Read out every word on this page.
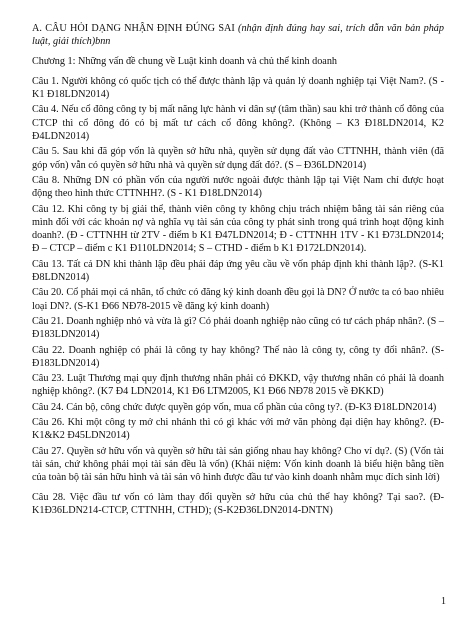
A. CÂU HỎI DẠNG NHẬN ĐỊNH ĐÚNG SAI (nhận định đúng hay sai, trích dẫn văn bản pháp luật, giải thích)bnn

Chương 1: Những vấn đề chung về Luật kinh doanh và chủ thể kinh doanh

Câu 1. Người không có quốc tịch có thể được thành lập và quản lý doanh nghiệp tại Việt Nam?. (S - K1 Đ18LDN2014)

Câu 4. Nếu cổ đông công ty bị mất năng lực hành vi dân sự (tâm thần) sau khi trở thành cổ đông của CTCP thì cổ đông đó có bị mất tư cách cổ đông không?. (Không – K3 Đ18LDN2014, K2 Đ4LDN2014)

Câu 5. Sau khi đã góp vốn là quyền sở hữu nhà, quyền sử dụng đất vào CTTNHH, thành viên (đã góp vốn) vẫn có quyền sở hữu nhà và quyền sử dụng đất đó?. (S – Đ36LDN2014)

Câu 8. Những DN có phần vốn của người nước ngoài được thành lập tại Việt Nam chỉ được hoạt động theo hình thức CTTNHH?. (S - K1 Đ18LDN2014)

Câu 12. Khi công ty bị giải thể, thành viên công ty không chịu trách nhiệm bằng tài sản riêng của mình đối với các khoản nợ và nghĩa vụ tài sản của công ty phát sinh trong quá trình hoạt động kinh doanh?. (Đ - CTTNHH từ 2TV - điểm b K1 Đ47LDN2014; Đ - CTTNHH 1TV - K1 Đ73LDN2014; Đ – CTCP – điểm c K1 Đ110LDN2014; S – CTHD - điểm b K1 Đ172LDN2014).

Câu 13. Tất cả DN khi thành lập đều phải đáp ứng yêu cầu về vốn pháp định khi thành lập?. (S-K1 Đ8LDN2014)

Câu 20. Cổ phải mọi cá nhân, tổ chức có đăng ký kinh doanh đều gọi là DN? Ở nước ta có bao nhiêu loại DN?. (S-K1 Đ66 NĐ78-2015 về đăng ký kinh doanh)

Câu 21. Doanh nghiệp nhỏ và vừa là gì? Có phải doanh nghiệp nào cũng có tư cách pháp nhân?. (S – Đ183LDN2014)

Câu 22. Doanh nghiệp có phải là công ty hay không? Thế nào là công ty, công ty đối nhân?. (S-Đ183LDN2014)

Câu 23. Luật Thương mại quy định thương nhân phải có ĐKKD, vậy thương nhân có phải là doanh nghiệp không?. (K7 Đ4 LDN2014, K1 Đ6 LTM2005, K1 Đ66 NĐ78 2015 về ĐKKD)

Câu 24. Cán bộ, công chức được quyền góp vốn, mua cổ phần của công ty?. (Đ-K3 Đ18LDN2014)

Câu 26. Khi một công ty mở chi nhánh thì có gì khác với mở văn phòng đại diện hay không?. (Đ-K1&K2 Đ45LDN2014)

Câu 27. Quyền sở hữu vốn và quyền sở hữu tài sản giống nhau hay không? Cho ví dụ?. (S) (Vốn tài tài sản, chứ không phải mọi tài sản đều là vốn) (Khái niệm: Vốn kinh doanh là biểu hiện bằng tiền của toàn bộ tài sản hữu hình và tài sản vô hình được đầu tư vào kinh doanh nhằm mục đích sinh lời)

Câu 28. Việc đầu tư vốn có làm thay đổi quyền sở hữu của chủ thể hay không? Tại sao?. (Đ- K1Đ36LDN214-CTCP, CTTNHH, CTHD); (S-K2Đ36LDN2014-DNTN)

1
